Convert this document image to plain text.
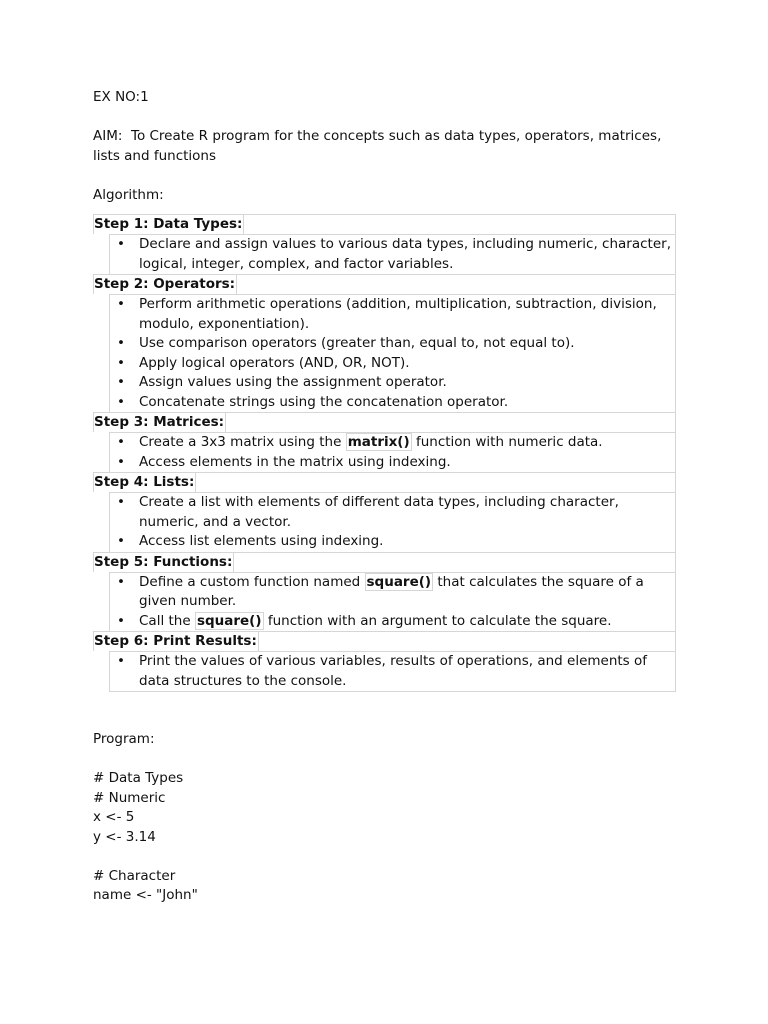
EX NO:1
AIM:  To Create R program for the concepts such as data types, operators, matrices,
lists and functions
Algorithm:
Step 1: Data Types:
• Declare and assign values to various data types, including numeric, character,
logical, integer, complex, and factor variables.
Step 2: Operators:
• Perform arithmetic operations (addition, multiplication, subtraction, division,
modulo, exponentiation).
• Use comparison operators (greater than, equal to, not equal to).
• Apply logical operators (AND, OR, NOT).
• Assign values using the assignment operator.
• Concatenate strings using the concatenation operator.
Step 3: Matrices:
• Create a 3x3 matrix using the matrix() function with numeric data.
• Access elements in the matrix using indexing.
Step 4: Lists:
• Create a list with elements of different data types, including character,
numeric, and a vector.
• Access list elements using indexing.
Step 5: Functions:
• Define a custom function named square() that calculates the square of a
given number.
• Call the square() function with an argument to calculate the square.
Step 6: Print Results:
• Print the values of various variables, results of operations, and elements of
data structures to the console.
Program:
# Data Types
# Numeric
x <- 5
y <- 3.14
# Character
name <- "John"
